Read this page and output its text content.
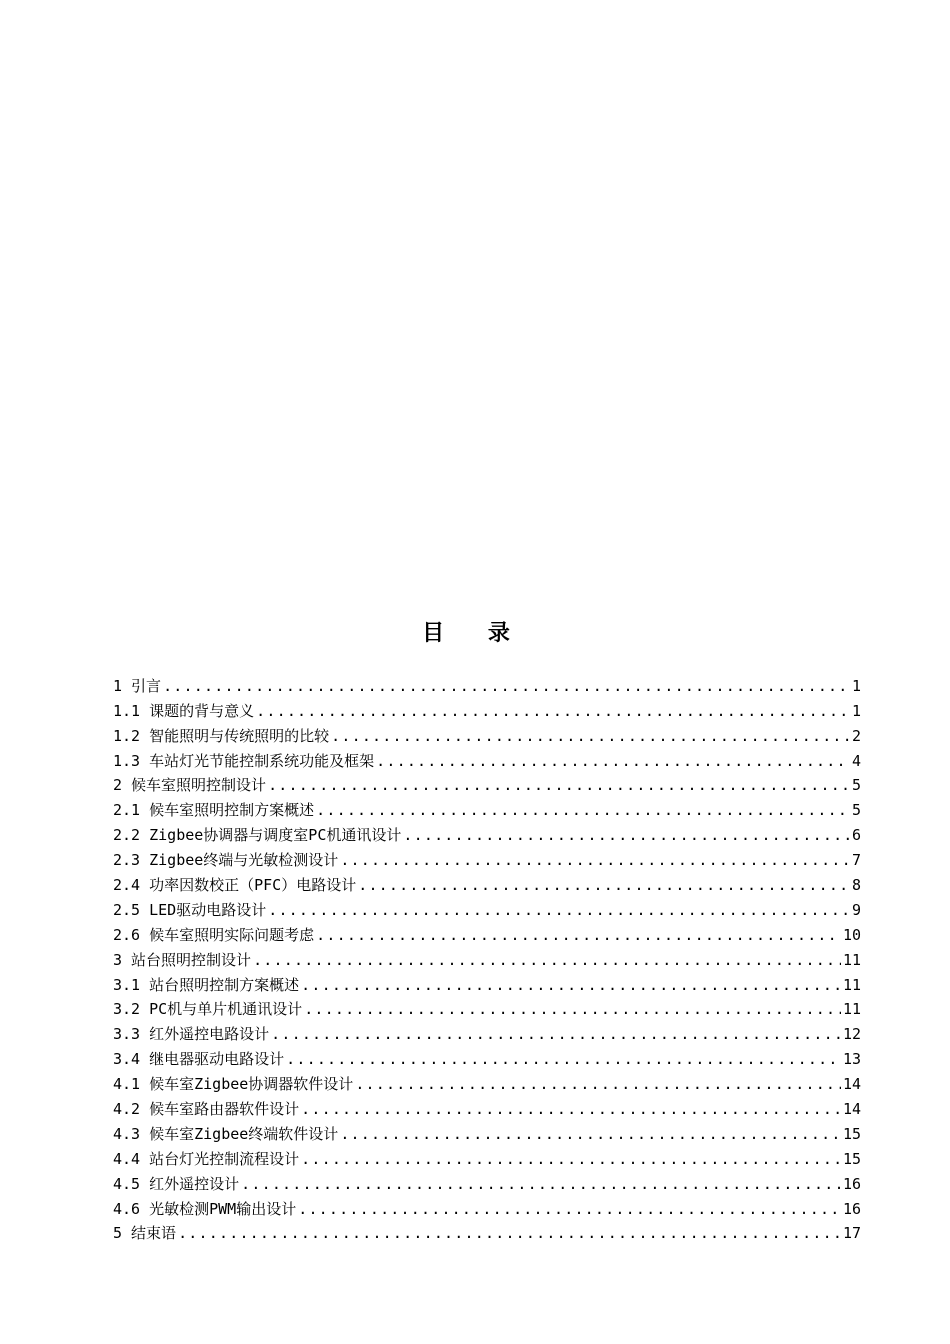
目 录
1 引言 .....	1
1.1 课题的背与意义 .....	1
1.2 智能照明与传统照明的比较 .....	2
1.3 车站灯光节能控制系统功能及框架 .....	4
2 候车室照明控制设计 .....	5
2.1 候车室照明控制方案概述 .....	5
2.2 Zigbee协调器与调度室PC机通讯设计 .....	6
2.3 Zigbee终端与光敏检测设计 .....	7
2.4 功率因数校正（PFC）电路设计 .....	8
2.5 LED驱动电路设计 .....	9
2.6 候车室照明实际问题考虑 .....	10
3 站台照明控制设计 .....	11
3.1 站台照明控制方案概述 .....	11
3.2 PC机与单片机通讯设计 .....	11
3.3 红外遥控电路设计 .....	12
3.4 继电器驱动电路设计 .....	13
4.1 候车室Zigbee协调器软件设计 .....	14
4.2 候车室路由器软件设计 .....	14
4.3 候车室Zigbee终端软件设计 .....	15
4.4 站台灯光控制流程设计 .....	15
4.5 红外遥控设计 .....	16
4.6 光敏检测PWM输出设计 .....	16
5 结束语 .....	17
